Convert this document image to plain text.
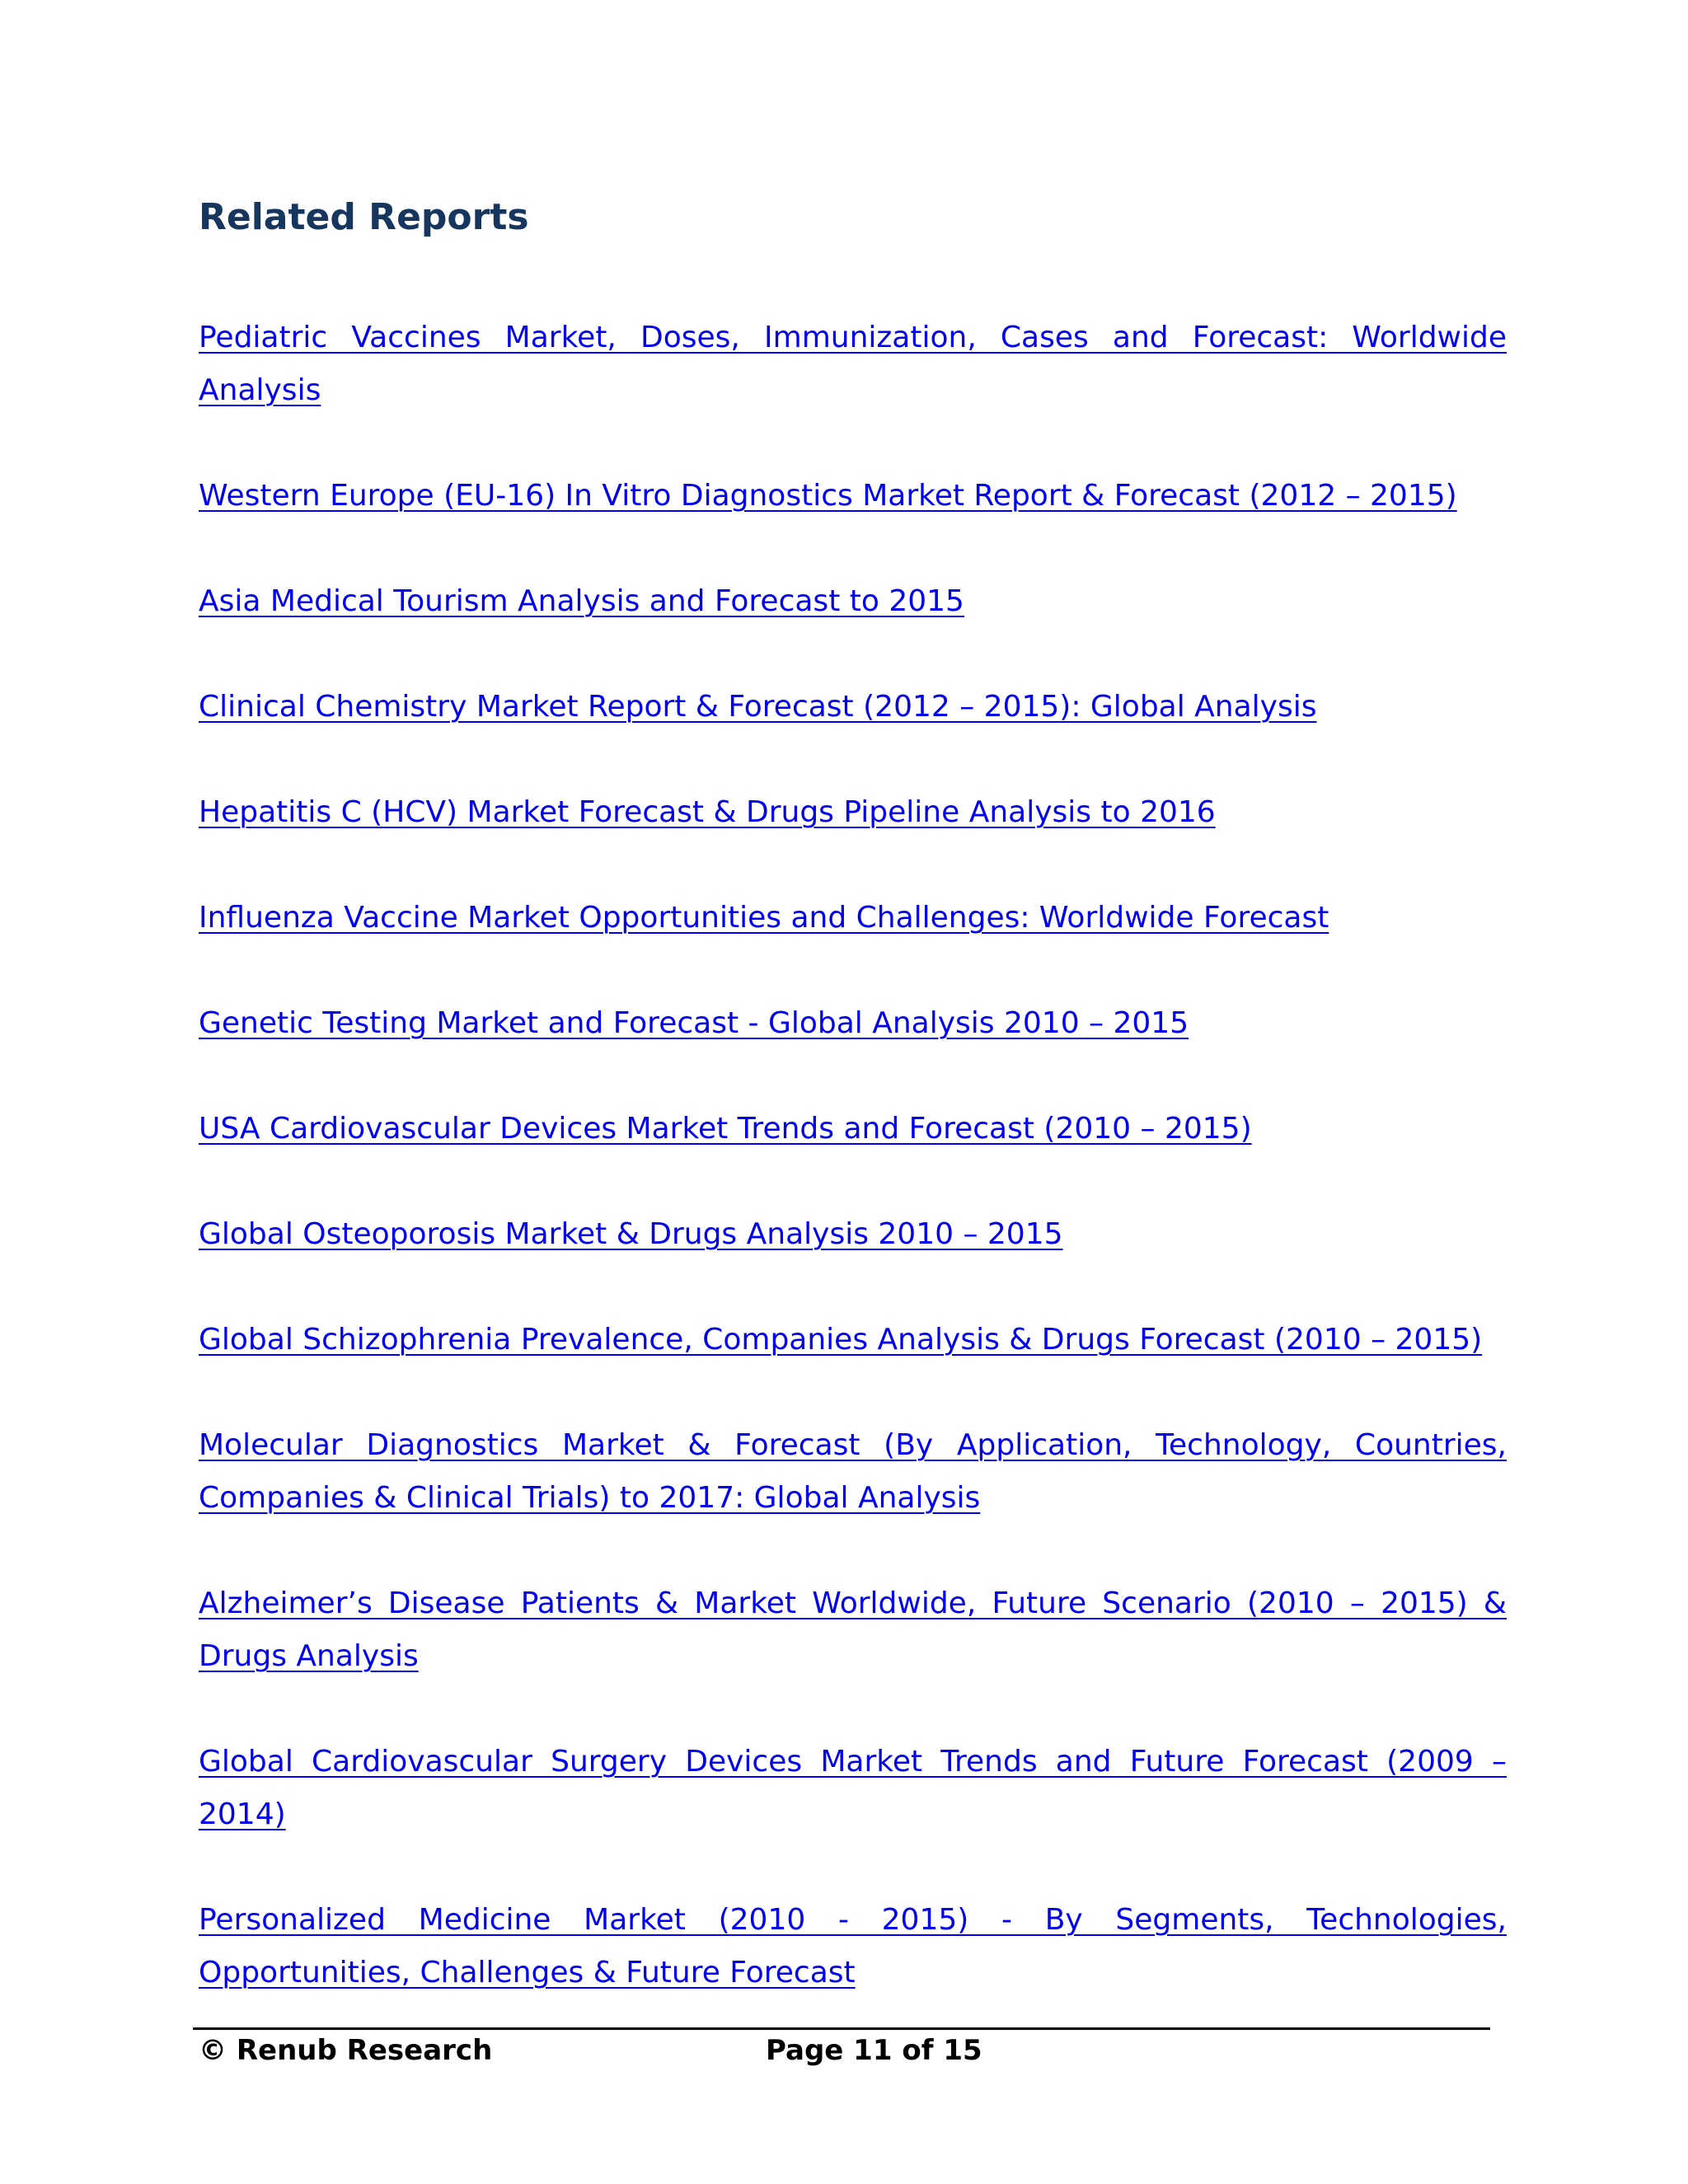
Related Reports
Pediatric Vaccines Market, Doses, Immunization, Cases and Forecast: Worldwide Analysis
Western Europe (EU-16) In Vitro Diagnostics Market Report & Forecast (2012 – 2015)
Asia Medical Tourism Analysis and Forecast to 2015
Clinical Chemistry Market Report & Forecast (2012 – 2015): Global Analysis
Hepatitis C (HCV) Market Forecast & Drugs Pipeline Analysis to 2016
Influenza Vaccine Market Opportunities and Challenges: Worldwide Forecast
Genetic Testing Market and Forecast - Global Analysis 2010 – 2015
USA Cardiovascular Devices Market Trends and Forecast (2010 – 2015)
Global Osteoporosis Market & Drugs Analysis 2010 – 2015
Global Schizophrenia Prevalence, Companies Analysis & Drugs Forecast (2010 – 2015)
Molecular Diagnostics Market & Forecast (By Application, Technology, Countries, Companies & Clinical Trials) to 2017: Global Analysis
Alzheimer’s Disease Patients & Market Worldwide, Future Scenario (2010 – 2015) & Drugs Analysis
Global Cardiovascular Surgery Devices Market Trends and Future Forecast (2009 – 2014)
Personalized Medicine Market (2010 - 2015) - By Segments, Technologies, Opportunities, Challenges & Future Forecast
© Renub Research	Page 11 of 15
